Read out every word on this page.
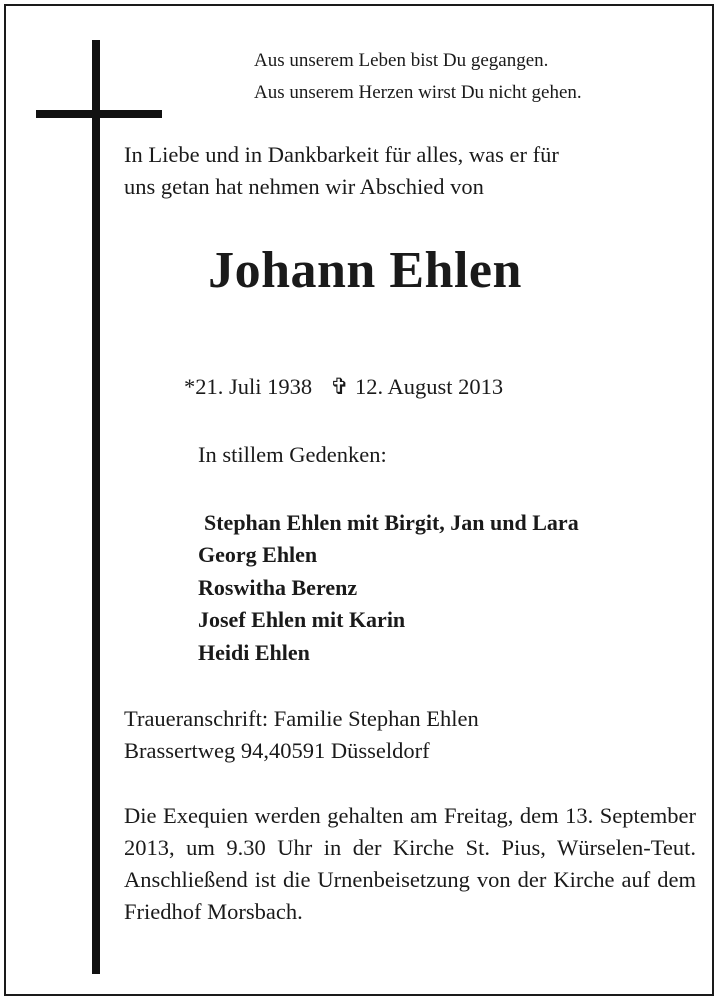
Aus unserem Leben bist Du gegangen.
Aus unserem Herzen wirst Du nicht gehen.
In Liebe und in Dankbarkeit für alles, was er für
uns getan hat nehmen wir Abschied von
Johann Ehlen
*21. Juli 1938 ✞ 12. August 2013
In stillem Gedenken:
Stephan Ehlen mit Birgit, Jan und Lara
Georg Ehlen
Roswitha Berenz
Josef Ehlen mit Karin
Heidi Ehlen
Traueranschrift: Familie Stephan Ehlen
Brassertweg 94,40591 Düsseldorf
Die Exequien werden gehalten am Freitag, dem 13. September 2013, um 9.30 Uhr in der Kirche St. Pius, Würselen-Teut. Anschließend ist die Urnenbeisetzung von der Kirche auf dem Friedhof Morsbach.
